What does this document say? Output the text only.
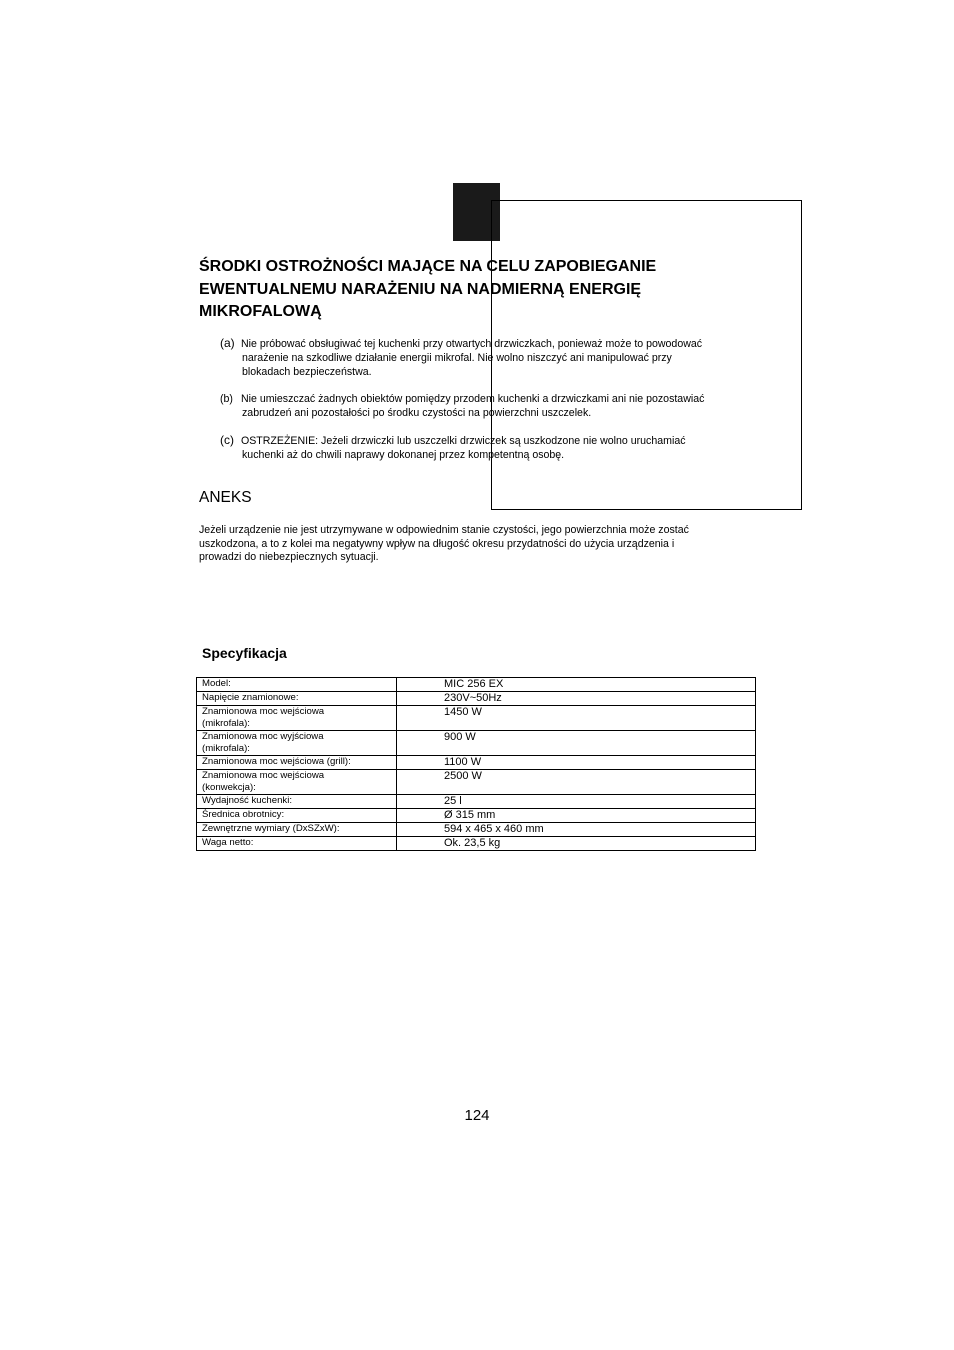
ŚRODKI OSTROŻNOŚCI MAJĄCE NA CELU ZAPOBIEGANIE
EWENTUALNEMU NARAŻENIU NA NADMIERNĄ ENERGIĘ
MIKROFALOWĄ
(a) Nie próbować obsługiwać tej kuchenki przy otwartych drzwiczkach, ponieważ może to powodować
narażenie na szkodliwe działanie energii mikrofal. Nie wolno niszczyć ani manipulować przy
blokadach bezpieczeństwa.
(b) Nie umieszczać żadnych obiektów pomiędzy przodem kuchenki a drzwiczkami ani nie pozostawiać
zabrudzeń ani pozostałości po środku czystości na powierzchni uszczelek.
(c) OSTRZEŻENIE: Jeżeli drzwiczki lub uszczelki drzwiczek są uszkodzone nie wolno uruchamiać
kuchenki aż do chwili naprawy dokonanej przez kompetentną osobę.
ANEKS

Jeżeli urządzenie nie jest utrzymywane w odpowiednim stanie czystości, jego powierzchnia może zostać
uszkodzona, a to z kolei ma negatywny wpływ na długość okresu przydatności do użycia urządzenia i
prowadzi do niebezpiecznych sytuacji.

Specyfikacja
Model:	MIC 256 EX

Napięcie znamionowe:	230V~50Hz

Znamionowa moc wejściowa
(mikrofala):	1450 W

Znamionowa moc wyjściowa
(mikrofala):	900 W

Znamionowa moc wejściowa (grill):	1100 W

Znamionowa moc wejściowa
(konwekcja):	2500 W

Wydajność kuchenki:	25 l

Średnica obrotnicy:	Ø 315 mm

Zewnętrzne wymiary (DxSZxW):	594 x 465 x 460 mm

Waga netto:	Ok. 23,5 kg
124
